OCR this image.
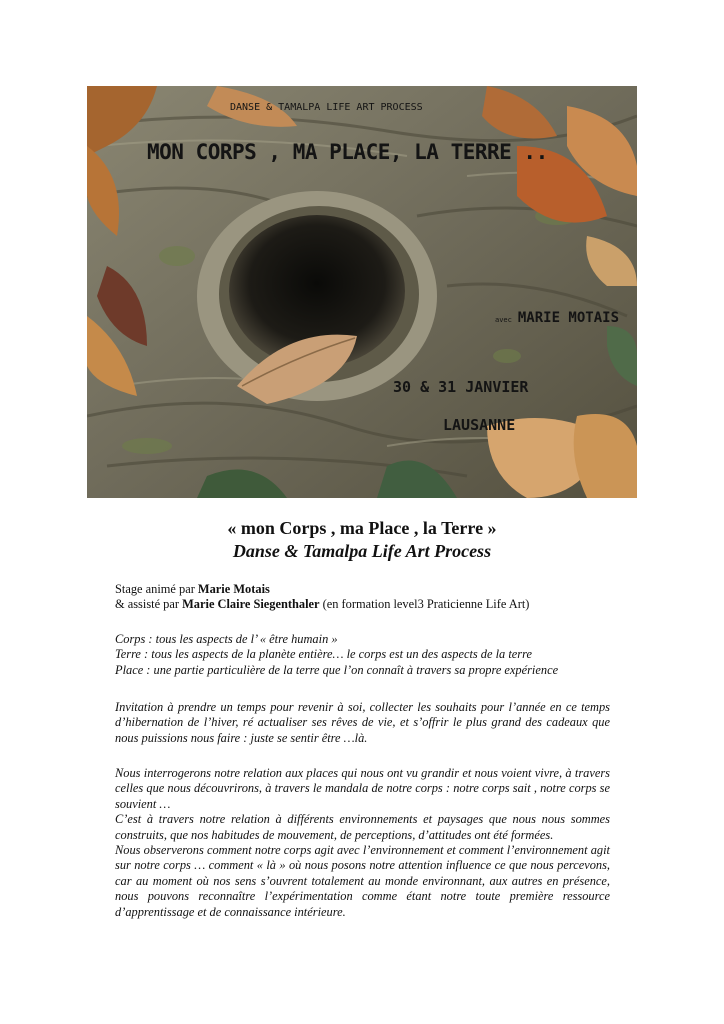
DANSE & TAMALPA LIFE ART PROCESS
MON CORPS , MA PLACE, LA TERRE ..
avec MARIE MOTAIS
30 & 31 JANVIER
LAUSANNE
« mon Corps , ma Place , la Terre »
Danse & Tamalpa Life Art Process

Stage animé par Marie Motais
& assisté par Marie Claire Siegenthaler (en formation level3 Praticienne Life Art)

Corps : tous les aspects de l’ « être humain »
Terre : tous les aspects de la planète entière… le corps est un des aspects de la terre
Place : une partie particulière de la terre que l’on connaît à travers sa propre expérience

Invitation à prendre un temps pour revenir à soi, collecter les souhaits pour l’année en ce temps d’hibernation de l’hiver, ré actualiser ses rêves de vie, et s’offrir le plus grand des cadeaux que nous puissions nous faire : juste se sentir être …là.

Nous interrogerons notre relation aux places qui nous ont vu grandir et nous voient vivre, à travers celles que nous découvrirons, à travers le mandala de notre corps : notre corps sait , notre corps se souvient …
C’est à travers notre relation à différents environnements et paysages que nous nous sommes construits, que nos habitudes de mouvement, de perceptions, d’attitudes ont été formées.
Nous observerons comment notre corps agit avec l’environnement et comment l’environnement agit sur notre corps … comment « là » où nous posons notre attention influence ce que nous percevons, car au moment où nos sens s’ouvrent totalement au monde environnant, aux autres en présence, nous pouvons reconnaître l’expérimentation comme étant notre toute première ressource d’apprentissage et de connaissance intérieure.
